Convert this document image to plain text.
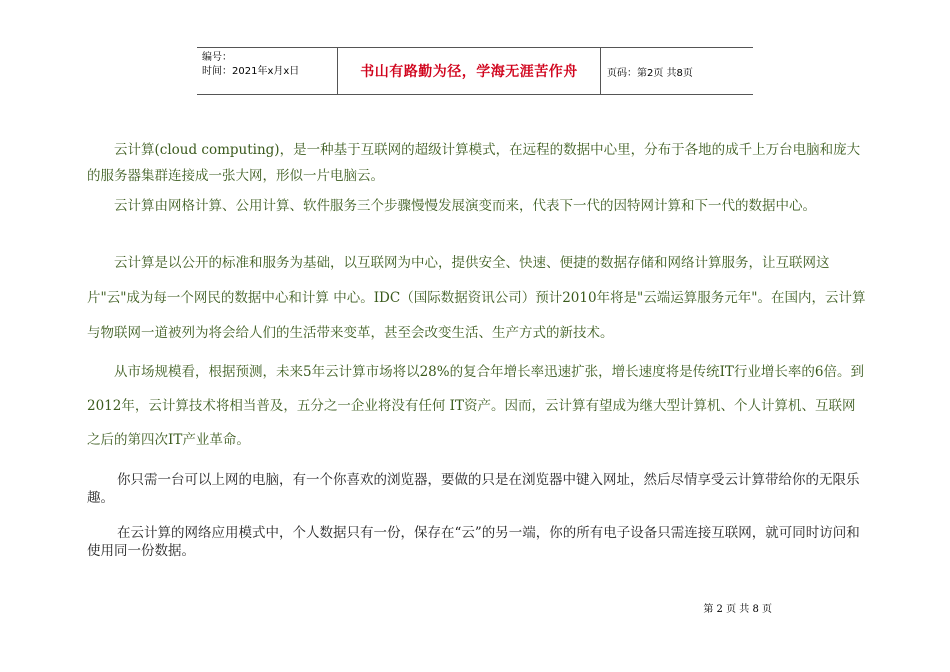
编号：
时间：2021年x月x日	书山有路勤为径，学海无涯苦作舟	页码：第2页 共8页

云计算(cloud computing)，是一种基于互联网的超级计算模式，在远程的数据中心里，分布于各地的成千上万台电脑和庞大的服务器集群连接成一张大网，形似一片电脑云。

云计算由网格计算、公用计算、软件服务三个步骤慢慢发展演变而来，代表下一代的因特网计算和下一代的数据中心。

云计算是以公开的标准和服务为基础，以互联网为中心，提供安全、快速、便捷的数据存储和网络计算服务，让互联网这片"云"成为每一个网民的数据中心和计算 中心。IDC（国际数据资讯公司）预计2010年将是"云端运算服务元年"。在国内，云计算与物联网一道被列为将会给人们的生活带来变革，甚至会改变生活、生产方式的新技术。

从市场规模看，根据预测，未来5年云计算市场将以28%的复合年增长率迅速扩张，增长速度将是传统IT行业增长率的6倍。到2012年，云计算技术将相当普及，五分之一企业将没有任何 IT资产。因而，云计算有望成为继大型计算机、个人计算机、互联网之后的第四次IT产业革命。

你只需一台可以上网的电脑，有一个你喜欢的浏览器，要做的只是在浏览器中键入网址，然后尽情享受云计算带给你的无限乐趣。

在云计算的网络应用模式中，个人数据只有一份，保存在“云”的另一端，你的所有电子设备只需连接互联网，就可同时访问和使用同一份数据。

第 2 页 共 8 页
